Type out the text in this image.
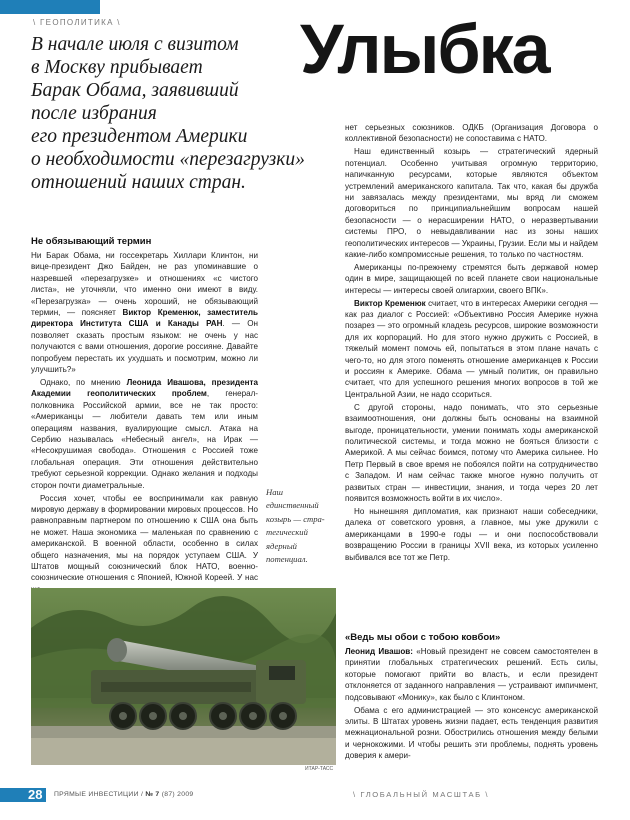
\ ГЕОПОЛИТИКА \	Улыбка
В начале июля с визитом
в Москву прибывает
Барак Обама, заявивший
после избрания
его президентом Америки
о необходимости «перезагрузки»
отношений наших стран.
Не обязывающий термин

Ни Барак Обама, ни госсекретарь Хиллари Клинтон, ни вице-президент Джо Байден, не раз упоминавшие о назревшей «перезагрузке» и отношениях «с чистого листа», не уточняли, что именно они имеют в виду. «Перезагрузка» — очень хороший, не обязывающий термин, — поясняет Виктор Кременюк, заместитель директора Института США и Канады РАН. — Он позволяет сказать простым языком: не очень у нас получаются с вами отношения, дорогие россияне. Давайте попробуем перестать их ухудшать и посмотрим, можно ли улучшить?»

Однако, по мнению Леонида Ивашова, президента Академии геополитических проблем, генерал-полковника Российской армии, все не так просто: «Американцы — любители давать тем или иным операциям названия, вуалирующие смысл. Атака на Сербию называлась «Небесный ангел», на Ирак — «Несокрушимая свобода». Отношения с Россией тоже глобальная операция. Эти отношения действительно требуют серьезной коррекции. Однако желания и подходы сторон почти диаметральные.

Россия хочет, чтобы ее воспринимали как равную мировую державу в формировании мировых процессов. Но равноправным партнером по отношению к США она быть не может. Наша экономика — маленькая по сравнению с американской. В военной области, особенно в силах общего назначения, мы на порядок уступаем США. У Штатов мощный союзнический блок НАТО, военно-союзнические отношения с Японией, Южной Кореей. У нас

Наш
единственный
козырь — стра-
тегический
ядерный
потенциал.

нет серьезных союзников. ОДКБ (Организация Договора о коллективной безопасности) не сопоставима с НАТО.

Наш единственный козырь — стратегический ядерный потенциал. Особенно учитывая огромную территорию, напичканную ресурсами, которые являются объектом устремлений американского капитала. Так что, какая бы дружба ни завязалась между президентами, мы вряд ли сможем договориться по принципиальнейшим вопросам нашей безопасности — о нерасширении НАТО, о неразвертывании системы ПРО, о невыдавливании нас из зоны наших геополитических интересов — Украины, Грузии. Если мы и найдем какие-либо компромиссные решения, то только по частностям.

Американцы по-прежнему стремятся быть державой номер один в мире, защищающей по всей планете свои национальные интересы — интересы своей олигархии, своего ВПК».

Виктор Кременюк считает, что в интересах Америки сегодня — как раз диалог с Россией: «Объективно Россия Америке нужна позарез — это огромный кладезь ресурсов, широкие возможности для их корпораций. Но для этого нужно дружить с Россией, в тяжелый момент помочь ей, попытаться в этом плане начать с чего-то, но для этого поменять отношение американцев к России и россиян к Америке. Обама — умный политик, он правильно считает, что для успешного решения многих вопросов в той же Центральной Азии, не надо ссориться.

С другой стороны, надо понимать, что это серьезные взаимоотношения, они должны быть основаны на взаимной выгоде, проницательности, умении понимать ходы американской политической системы, и тогда можно не бояться близости с Америкой. А мы сейчас боимся, потому что Америка сильнее. Но Петр Первый в свое время не побоялся пойти на сотрудничество с Западом. И нам сейчас также многое нужно получить от развитых стран — инвестиции, знания, и тогда через 20 лет появится возможность войти в их число».

Но нынешняя дипломатия, как признают наши собеседники, далека от советского уровня, а главное, мы уже дружили с американцами в 1990-е годы — и они поспособствовали возвращению России в границы XVII века, из которых усиленно выбивался все тот же Петр.

«Ведь мы обои с тобою ковбои»

Леонид Ивашов: «Новый президент не совсем самостоятелен в принятии глобальных стратегических решений. Есть силы, которые помогают прийти во власть, и если президент отклоняется от заданного направления — устраивают импичмент, подсовывают «Монику», как было с Клинтоном.

Обама с его администрацией — это консенсус американской элиты. В Штатах уровень жизни падает, есть тенденция развития межнациональной розни. Обострились отношения между белыми и чернокожими. И чтобы решить эти проблемы, поднять уровень доверия к амери-

ИТАР-ТАСС
28 ПРЯМЫЕ ИНВЕСТИЦИИ / № 7 (87) 2009	\ ГЛОБАЛЬНЫЙ МАСШТАБ \
